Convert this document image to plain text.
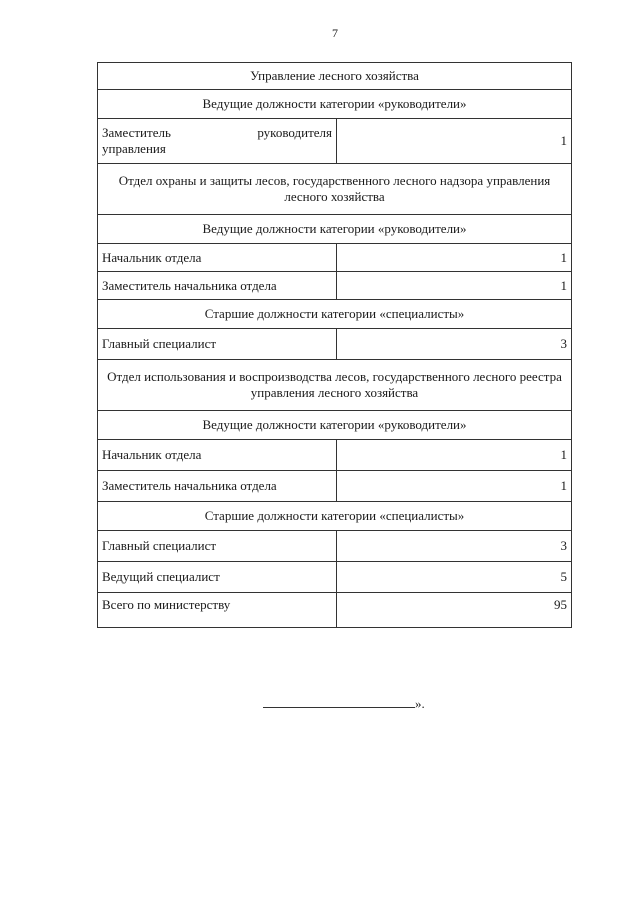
7
Управление лесного хозяйства	
Ведущие должности категории «руководители»	

Заместитель руководителя
управления	1
Отдел охраны и защиты лесов, государственного лесного надзора управления лесного хозяйства	
Ведущие должности категории «руководители»	
Начальник отдела	1
Заместитель начальника отдела	1
Старшие должности категории «специалисты»	
Главный специалист	3
Отдел использования и воспроизводства лесов, государственного лесного реестра управления лесного хозяйства	
Ведущие должности категории «руководители»	
Начальник отдела	1
Заместитель начальника отдела	1
Старшие должности категории «специалисты»	
Главный специалист	3
Ведущий специалист	5
Всего по министерству	95
».
